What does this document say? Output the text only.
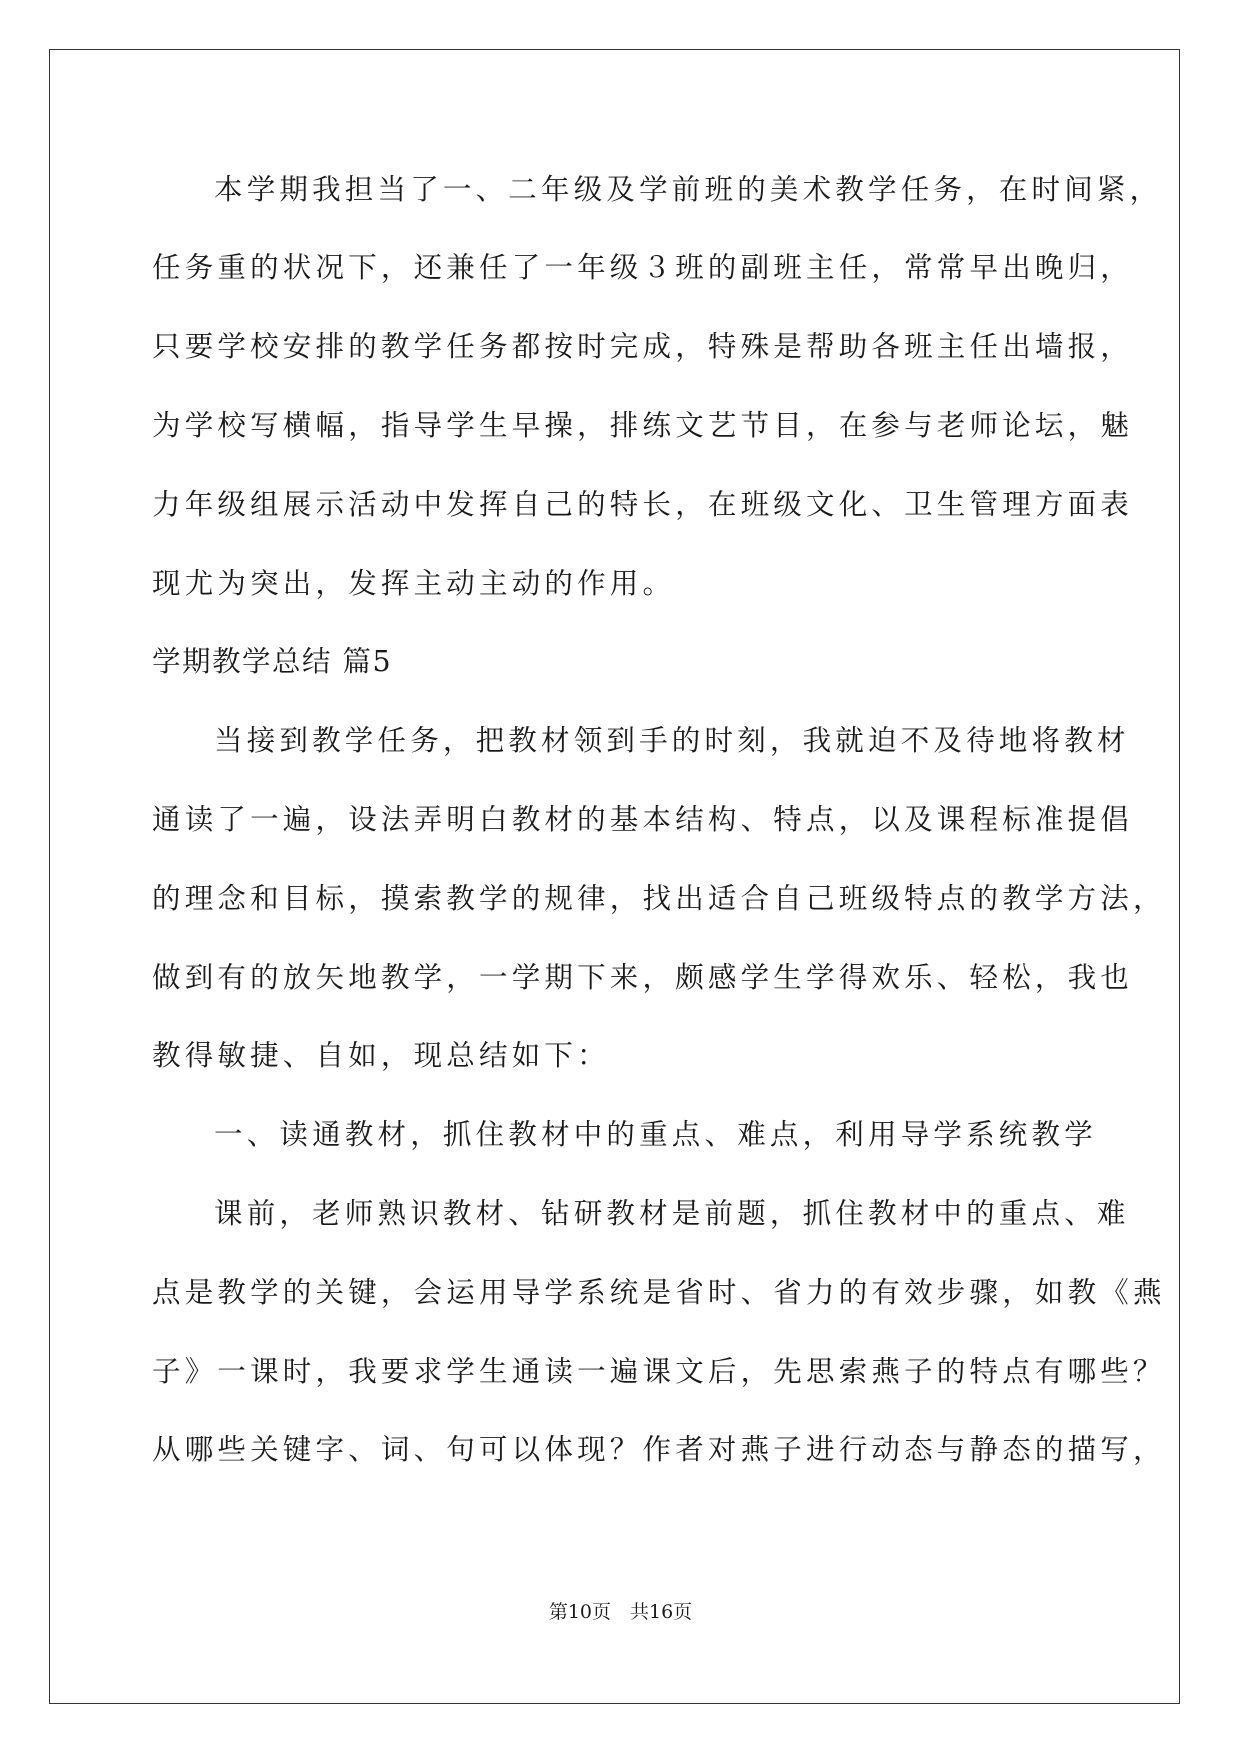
本学期我担当了一、二年级及学前班的美术教学任务，在时间紧，
任务重的状况下，还兼任了一年级３班的副班主任，常常早出晚归，
只要学校安排的教学任务都按时完成，特殊是帮助各班主任出墙报，
为学校写横幅，指导学生早操，排练文艺节目，在参与老师论坛，魅
力年级组展示活动中发挥自己的特长，在班级文化、卫生管理方面表
现尤为突出，发挥主动主动的作用。
学期教学总结 篇5
当接到教学任务，把教材领到手的时刻，我就迫不及待地将教材
通读了一遍，设法弄明白教材的基本结构、特点，以及课程标准提倡
的理念和目标，摸索教学的规律，找出适合自己班级特点的教学方法，
做到有的放矢地教学，一学期下来，颇感学生学得欢乐、轻松，我也
教得敏捷、自如，现总结如下：
一、读通教材，抓住教材中的重点、难点，利用导学系统教学
课前，老师熟识教材、钻研教材是前题，抓住教材中的重点、难
点是教学的关键，会运用导学系统是省时、省力的有效步骤，如教《燕
子》一课时，我要求学生通读一遍课文后，先思索燕子的特点有哪些？
从哪些关键字、词、句可以体现？作者对燕子进行动态与静态的描写，
第10页　共16页
